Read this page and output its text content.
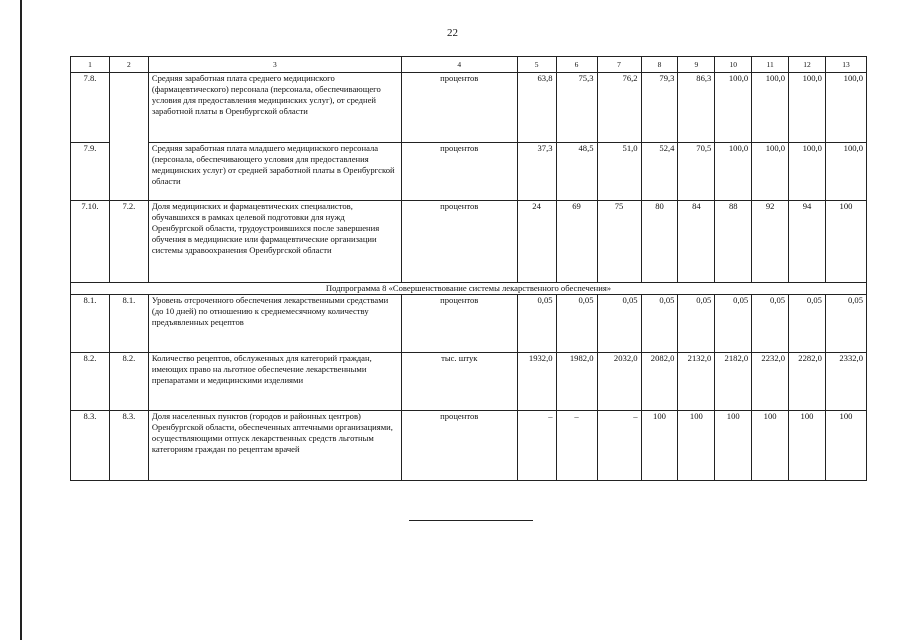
22
1	2	3	4	5	6	7	8	9	10	11	12	13
7.8.		Средняя заработная плата среднего медицинского (фармацевтического) персонала (персонала, обеспечивающего условия для предоставления медицинских услуг), от средней заработной платы в Оренбургской области	процентов	63,8	75,3	76,2	79,3	86,3	100,0	100,0	100,0	100,0
7.9.		Средняя заработная плата младшего медицинского персонала (персонала, обеспечивающего условия для предоставления медицинских услуг) от средней заработной платы в Оренбургской области	процентов	37,3	48,5	51,0	52,4	70,5	100,0	100,0	100,0	100,0
7.10.	7.2.	Доля медицинских и фармацевтических специалистов, обучавшихся в рамках целевой подготовки для нужд Оренбургской области, трудоустроившихся после завершения обучения в медицинские или фармацевтические организации системы здравоохранения Оренбургской области	процентов	24	69	75	80	84	88	92	94	100
Подпрограмма 8 «Совершенствование системы лекарственного обеспечения»												
8.1.	8.1.	Уровень отсроченного обеспечения лекарственными средствами (до 10 дней) по отношению к среднемесячному количеству предъявленных рецептов	процентов	0,05	0,05	0,05	0,05	0,05	0,05	0,05	0,05	0,05
8.2.	8.2.	Количество рецептов, обслуженных для категорий граждан, имеющих право на льготное обеспечение лекарственными препаратами и медицинскими изделиями	тыс. штук	1932,0	1982,0	2032,0	2082,0	2132,0	2182,0	2232,0	2282,0	2332,0
8.3.	8.3.	Доля населенных пунктов (городов и районных центров) Оренбургской области, обеспеченных аптечными организациями, осуществляющими отпуск лекарственных средств льготным категориям граждан по рецептам врачей	процентов	–	–	–	100	100	100	100	100	100
